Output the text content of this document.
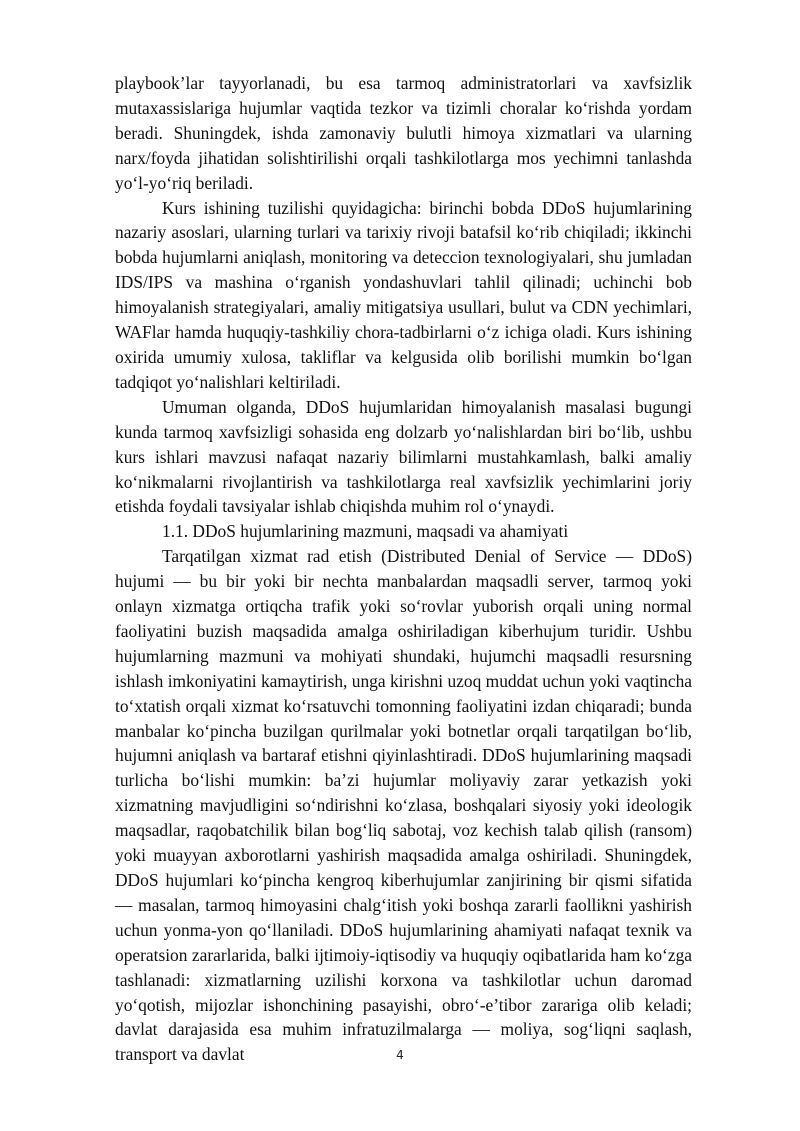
playbook’lar tayyorlanadi, bu esa tarmoq administratorlari va xavfsizlik mutaxassislariga hujumlar vaqtida tezkor va tizimli choralar ko‘rishda yordam beradi. Shuningdek, ishda zamonaviy bulutli himoya xizmatlari va ularning narx/foyda jihatidan solishtirilishi orqali tashkilotlarga mos yechimni tanlashda yo‘l-yo‘riq beriladi.

Kurs ishining tuzilishi quyidagicha: birinchi bobda DDoS hujumlarining nazariy asoslari, ularning turlari va tarixiy rivoji batafsil ko‘rib chiqiladi; ikkinchi bobda hujumlarni aniqlash, monitoring va deteccion texnologiyalari, shu jumladan IDS/IPS va mashina o‘rganish yondashuvlari tahlil qilinadi; uchinchi bob himoyalanish strategiyalari, amaliy mitigatsiya usullari, bulut va CDN yechimlari, WAFlar hamda huquqiy-tashkiliy chora-tadbirlarni o‘z ichiga oladi. Kurs ishining oxirida umumiy xulosa, takliflar va kelgusida olib borilishi mumkin bo‘lgan tadqiqot yo‘nalishlari keltiriladi.

Umuman olganda, DDoS hujumlaridan himoyalanish masalasi bugungi kunda tarmoq xavfsizligi sohasida eng dolzarb yo‘nalishlardan biri bo‘lib, ushbu kurs ishlari mavzusi nafaqat nazariy bilimlarni mustahkamlash, balki amaliy ko‘nikmalarni rivojlantirish va tashkilotlarga real xavfsizlik yechimlarini joriy etishda foydali tavsiyalar ishlab chiqishda muhim rol o‘ynaydi.

1.1. DDoS hujumlarining mazmuni, maqsadi va ahamiyati

Tarqatilgan xizmat rad etish (Distributed Denial of Service — DDoS) hujumi — bu bir yoki bir nechta manbalardan maqsadli server, tarmoq yoki onlayn xizmatga ortiqcha trafik yoki so‘rovlar yuborish orqali uning normal faoliyatini buzish maqsadida amalga oshiriladigan kiberhujum turidir. Ushbu hujumlarning mazmuni va mohiyati shundaki, hujumchi maqsadli resursning ishlash imkoniyatini kamaytirish, unga kirishni uzoq muddat uchun yoki vaqtincha to‘xtatish orqali xizmat ko‘rsatuvchi tomonning faoliyatini izdan chiqaradi; bunda manbalar ko‘pincha buzilgan qurilmalar yoki botnetlar orqali tarqatilgan bo‘lib, hujumni aniqlash va bartaraf etishni qiyinlashtiradi. DDoS hujumlarining maqsadi turlicha bo‘lishi mumkin: ba’zi hujumlar moliyaviy zarar yetkazish yoki xizmatning mavjudligini so‘ndirishni ko‘zlasa, boshqalari siyosiy yoki ideologik maqsadlar, raqobatchilik bilan bog‘liq sabotaj, voz kechish talab qilish (ransom) yoki muayyan axborotlarni yashirish maqsadida amalga oshiriladi. Shuningdek, DDoS hujumlari ko‘pincha kengroq kiberhujumlar zanjirining bir qismi sifatida — masalan, tarmoq himoyasini chalg‘itish yoki boshqa zararli faollikni yashirish uchun yonma-yon qo‘llaniladi. DDoS hujumlarining ahamiyati nafaqat texnik va operatsion zararlarida, balki ijtimoiy-iqtisodiy va huquqiy oqibatlarida ham ko‘zga tashlanadi: xizmatlarning uzilishi korxona va tashkilotlar uchun daromad yo‘qotish, mijozlar ishonchining pasayishi, obro‘-e’tibor zarariga olib keladi; davlat darajasida esa muhim infratuzilmalarga — moliya, sog‘liqni saqlash, transport va davlat	4
